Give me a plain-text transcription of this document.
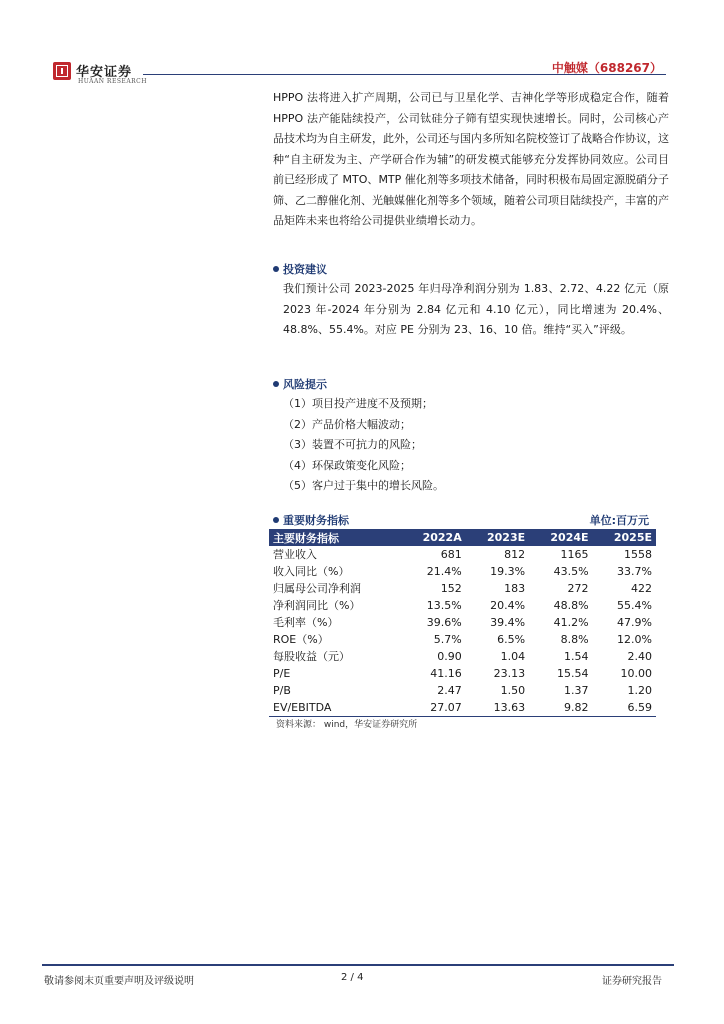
华安证券
HUAAN RESEARCH
中触媒（688267）

HPPO 法将进入扩产周期，公司已与卫星化学、吉神化学等形成稳定合作，随着 HPPO 法产能陆续投产，公司钛硅分子筛有望实现快速增长。同时，公司核心产品技术均为自主研发，此外，公司还与国内多所知名院校签订了战略合作协议，这种“自主研发为主、产学研合作为辅”的研发模式能够充分发挥协同效应。公司目前已经形成了 MTO、MTP 催化剂等多项技术储备，同时积极布局固定源脱硝分子筛、乙二醇催化剂、光触媒催化剂等多个领域，随着公司项目陆续投产，丰富的产品矩阵未来也将给公司提供业绩增长动力。

投资建议

我们预计公司 2023-2025 年归母净利润分别为 1.83、2.72、4.22 亿元（原 2023 年-2024 年分别为 2.84 亿元和 4.10 亿元），同比增速为 20.4%、48.8%、55.4%。对应 PE 分别为 23、16、10 倍。维持“买入”评级。

风险提示
（1）项目投产进度不及预期；
（2）产品价格大幅波动；
（3）装置不可抗力的风险；
（4）环保政策变化风险；
（5）客户过于集中的增长风险。
重要财务指标	单位:百万元
主要财务指标	2022A	2023E	2024E	2025E
营业收入	681	812	1165	1558
收入同比（%）	21.4%	19.3%	43.5%	33.7%
归属母公司净利润	152	183	272	422
净利润同比（%）	13.5%	20.4%	48.8%	55.4%
毛利率（%）	39.6%	39.4%	41.2%	47.9%
ROE（%）	5.7%	6.5%	8.8%	12.0%
每股收益（元）	0.90	1.04	1.54	2.40
P/E	41.16	23.13	15.54	10.00
P/B	2.47	1.50	1.37	1.20
EV/EBITDA	27.07	13.63	9.82	6.59
资料来源： wind，华安证券研究所
敬请参阅末页重要声明及评级说明	2 / 4	证券研究报告
